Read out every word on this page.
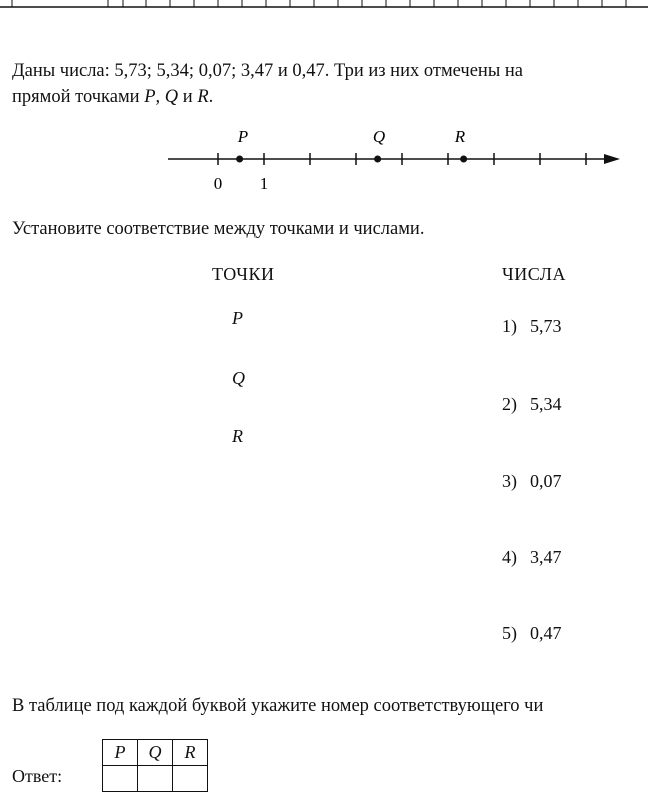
Даны числа: 5,73; 5,34; 0,07; 3,47 и 0,47. Три из них отмечены на
прямой точками P, Q и R.
0 1
P	Q	R
Установите соответствие между точками и числами.
ТОЧКИ	ЧИСЛА
P
Q
R
1) 5,73
2) 5,34
3) 0,07
4) 3,47
5) 0,47
В таблице под каждой буквой укажите номер соответствующего чи
Ответ:
P	Q	R
